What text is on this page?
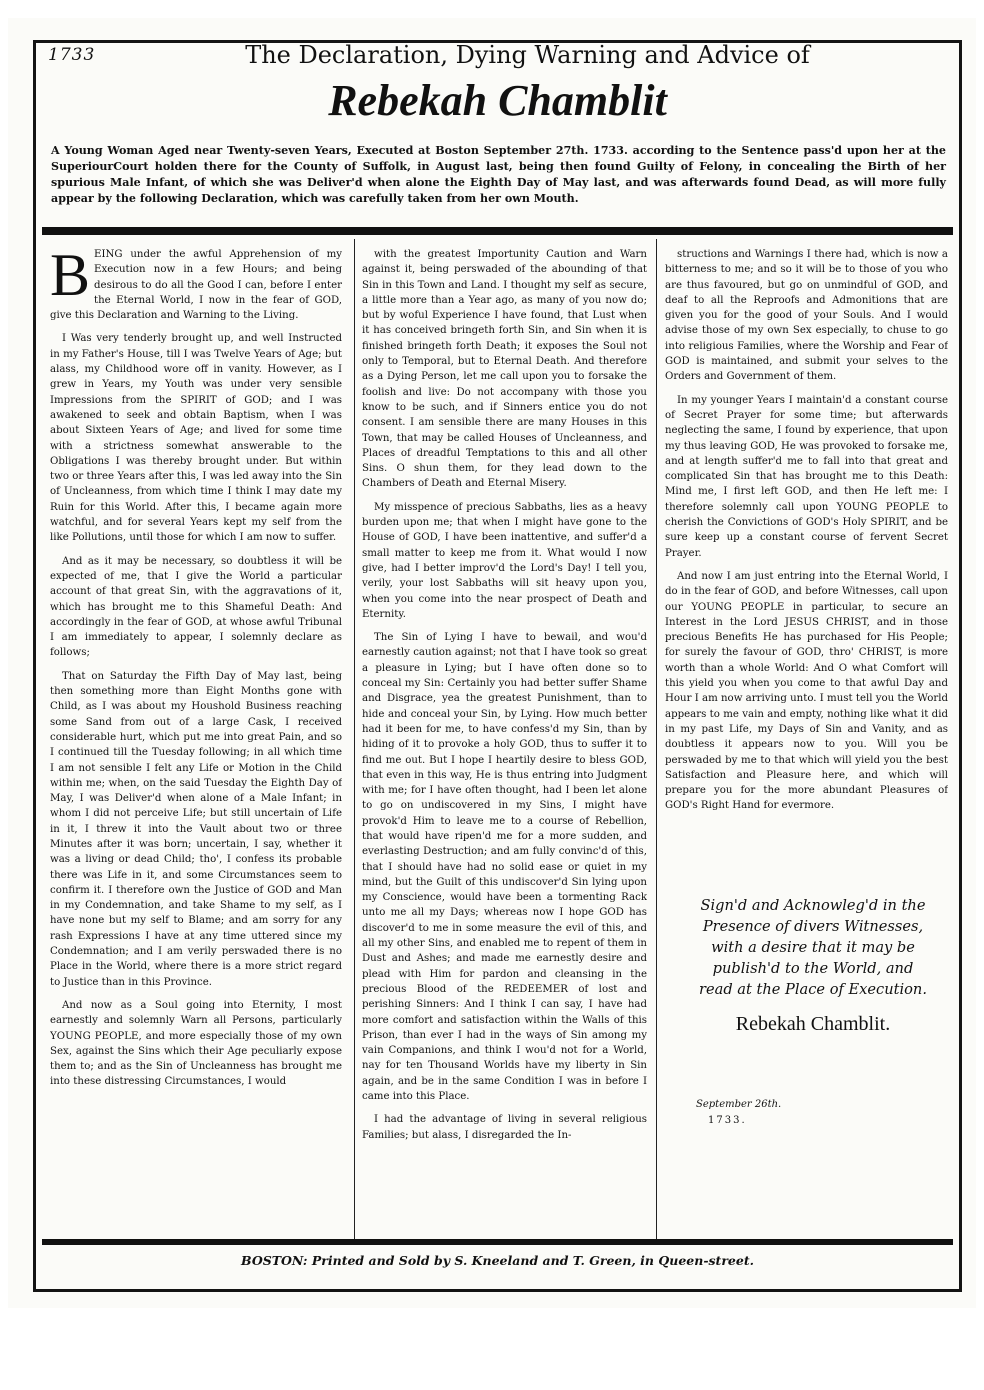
1733	The Declaration, Dying Warning and Advice of
Rebekah Chamblit
A Young Woman Aged near Twenty-seven Years, Executed at Boston September 27th. 1733. according to the Sentence pass'd upon her at the SuperiourCourt holden there for the County of Suffolk, in August last, being then found Guilty of Felony, in concealing the Birth of her spurious Male Infant, of which she was Deliver'd when alone the Eighth Day of May last, and was afterwards found Dead, as will more fully appear by the following Declaration, which was carefully taken from her own Mouth.

BEING under the awful Apprehension of my Execution now in a few Hours; and being desirous to do all the Good I can, before I enter the Eternal World, I now in the fear of GOD, give this Declaration and Warning to the Living.

I Was very tenderly brought up, and well Instructed in my Father's House, till I was Twelve Years of Age; but alass, my Childhood wore off in vanity. However, as I grew in Years, my Youth was under very sensible Impressions from the SPIRIT of GOD; and I was awakened to seek and obtain Baptism, when I was about Sixteen Years of Age; and lived for some time with a strictness somewhat answerable to the Obligations I was thereby brought under. But within two or three Years after this, I was led away into the Sin of Uncleanness, from which time I think I may date my Ruin for this World. After this, I became again more watchful, and for several Years kept my self from the like Pollutions, until those for which I am now to suffer.

And as it may be necessary, so doubtless it will be expected of me, that I give the World a particular account of that great Sin, with the aggravations of it, which has brought me to this Shameful Death: And accordingly in the fear of GOD, at whose awful Tribunal I am immediately to appear, I solemnly declare as follows;

That on Saturday the Fifth Day of May last, being then something more than Eight Months gone with Child, as I was about my Houshold Business reaching some Sand from out of a large Cask, I received considerable hurt, which put me into great Pain, and so I continued till the Tuesday following; in all which time I am not sensible I felt any Life or Motion in the Child within me; when, on the said Tuesday the Eighth Day of May, I was Deliver'd when alone of a Male Infant; in whom I did not perceive Life; but still uncertain of Life in it, I threw it into the Vault about two or three Minutes after it was born; uncertain, I say, whether it was a living or dead Child; tho', I confess its probable there was Life in it, and some Circumstances seem to confirm it. I therefore own the Justice of GOD and Man in my Condemnation, and take Shame to my self, as I have none but my self to Blame; and am sorry for any rash Expressions I have at any time uttered since my Condemnation; and I am verily perswaded there is no Place in the World, where there is a more strict regard to Justice than in this Province.

And now as a Soul going into Eternity, I most earnestly and solemnly Warn all Persons, particularly YOUNG PEOPLE, and more especially those of my own Sex, against the Sins which their Age peculiarly expose them to; and as the Sin of Uncleanness has brought me into these distressing Circumstances, I would

with the greatest Importunity Caution and Warn against it, being perswaded of the abounding of that Sin in this Town and Land. I thought my self as secure, a little more than a Year ago, as many of you now do; but by woful Experience I have found, that Lust when it has conceived bringeth forth Sin, and Sin when it is finished bringeth forth Death; it exposes the Soul not only to Temporal, but to Eternal Death. And therefore as a Dying Person, let me call upon you to forsake the foolish and live: Do not accompany with those you know to be such, and if Sinners entice you do not consent. I am sensible there are many Houses in this Town, that may be called Houses of Uncleanness, and Places of dreadful Temptations to this and all other Sins. O shun them, for they lead down to the Chambers of Death and Eternal Misery.

My misspence of precious Sabbaths, lies as a heavy burden upon me; that when I might have gone to the House of GOD, I have been inattentive, and suffer'd a small matter to keep me from it. What would I now give, had I better improv'd the Lord's Day! I tell you, verily, your lost Sabbaths will sit heavy upon you, when you come into the near prospect of Death and Eternity.

The Sin of Lying I have to bewail, and wou'd earnestly caution against; not that I have took so great a pleasure in Lying; but I have often done so to conceal my Sin: Certainly you had better suffer Shame and Disgrace, yea the greatest Punishment, than to hide and conceal your Sin, by Lying. How much better had it been for me, to have confess'd my Sin, than by hiding of it to provoke a holy GOD, thus to suffer it to find me out. But I hope I heartily desire to bless GOD, that even in this way, He is thus entring into Judgment with me; for I have often thought, had I been let alone to go on undiscovered in my Sins, I might have provok'd Him to leave me to a course of Rebellion, that would have ripen'd me for a more sudden, and everlasting Destruction; and am fully convinc'd of this, that I should have had no solid ease or quiet in my mind, but the Guilt of this undiscover'd Sin lying upon my Conscience, would have been a tormenting Rack unto me all my Days; whereas now I hope GOD has discover'd to me in some measure the evil of this, and all my other Sins, and enabled me to repent of them in Dust and Ashes; and made me earnestly desire and plead with Him for pardon and cleansing in the precious Blood of the REDEEMER of lost and perishing Sinners: And I think I can say, I have had more comfort and satisfaction within the Walls of this Prison, than ever I had in the ways of Sin among my vain Companions, and think I wou'd not for a World, nay for ten Thousand Worlds have my liberty in Sin again, and be in the same Condition I was in before I came into this Place.

I had the advantage of living in several religious Families; but alass, I disregarded the In-

structions and Warnings I there had, which is now a bitterness to me; and so it will be to those of you who are thus favoured, but go on unmindful of GOD, and deaf to all the Reproofs and Admonitions that are given you for the good of your Souls. And I would advise those of my own Sex especially, to chuse to go into religious Families, where the Worship and Fear of GOD is maintained, and submit your selves to the Orders and Government of them.

In my younger Years I maintain'd a constant course of Secret Prayer for some time; but afterwards neglecting the same, I found by experience, that upon my thus leaving GOD, He was provoked to forsake me, and at length suffer'd me to fall into that great and complicated Sin that has brought me to this Death: Mind me, I first left GOD, and then He left me: I therefore solemnly call upon YOUNG PEOPLE to cherish the Convictions of GOD's Holy SPIRIT, and be sure keep up a constant course of fervent Secret Prayer.

And now I am just entring into the Eternal World, I do in the fear of GOD, and before Witnesses, call upon our YOUNG PEOPLE in particular, to secure an Interest in the Lord JESUS CHRIST, and in those precious Benefits He has purchased for His People; for surely the favour of GOD, thro' CHRIST, is more worth than a whole World: And O what Comfort will this yield you when you come to that awful Day and Hour I am now arriving unto. I must tell you the World appears to me vain and empty, nothing like what it did in my past Life, my Days of Sin and Vanity, and as doubtless it appears now to you. Will you be perswaded by me to that which will yield you the best Satisfaction and Pleasure here, and which will prepare you for the more abundant Pleasures of GOD's Right Hand for evermore.

Sign'd and Acknowleg'd in the
Presence of divers Witnesses,
with a desire that it may be
publish'd to the World, and
read at the Place of Execution.
Rebekah Chamblit.
September 26th.
1733.
BOSTON: Printed and Sold by S. Kneeland and T. Green, in Queen-street.
